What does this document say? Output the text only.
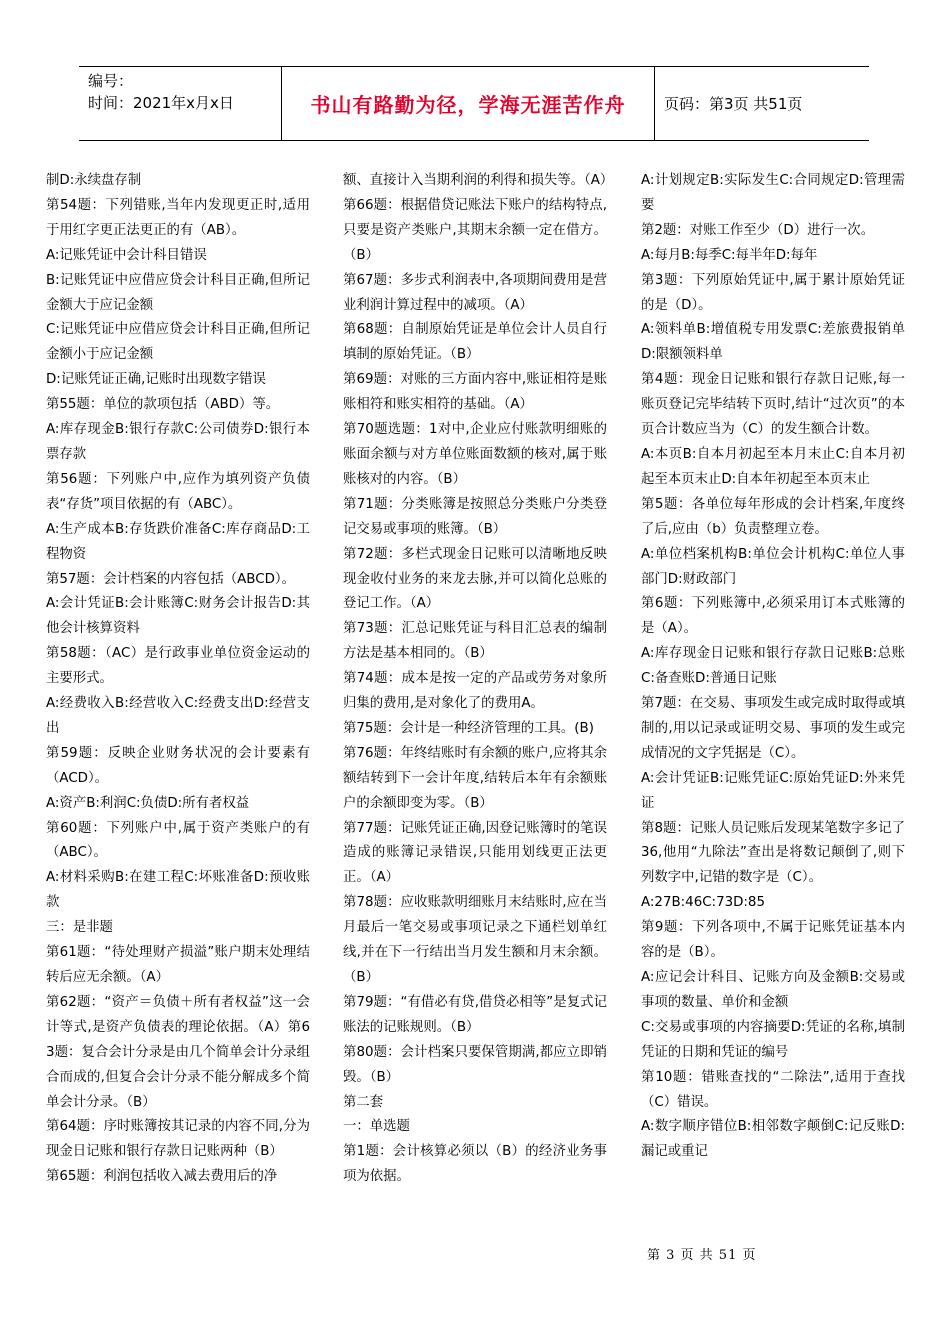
编号：
时间：2021年x月x日	书山有路勤为径，学海无涯苦作舟	页码：第3页 共51页

制D:永续盘存制

第54题：下列错账,当年内发现更正时,适用于用红字更正法更正的有（AB）。

A:记账凭证中会计科目错误

B:记账凭证中应借应贷会计科目正确,但所记金额大于应记金额

C:记账凭证中应借应贷会计科目正确,但所记金额小于应记金额

D:记账凭证正确,记账时出现数字错误

第55题：单位的款项包括（ABD）等。

A:库存现金B:银行存款C:公司债券D:银行本票存款

第56题：下列账户中,应作为填列资产负债表“存货”项目依据的有（ABC）。

A:生产成本B:存货跌价准备C:库存商品D:工程物资

第57题：会计档案的内容包括（ABCD）。

A:会计凭证B:会计账簿C:财务会计报告D:其他会计核算资料

第58题：（AC）是行政事业单位资金运动的主要形式。

A:经费收入B:经营收入C:经费支出D:经营支出

第59题：反映企业财务状况的会计要素有（ACD）。

A:资产B:利润C:负债D:所有者权益

第60题：下列账户中,属于资产类账户的有（ABC）。

A:材料采购B:在建工程C:坏账准备D:预收账款

三：是非题

第61题：“待处理财产损溢”账户期末处理结转后应无余额。（A）

第62题：“资产＝负债＋所有者权益”这一会计等式,是资产负债表的理论依据。（A）第63题：复合会计分录是由几个简单会计分录组合而成的,但复合会计分录不能分解成多个简单会计分录。（B）

第64题：序时账簿按其记录的内容不同,分为现金日记账和银行存款日记账两种（B）

第65题：利润包括收入减去费用后的净

额、直接计入当期利润的利得和损失等。（A）

第66题：根据借贷记账法下账户的结构特点,只要是资产类账户,其期末余额一定在借方。（B）

第67题：多步式利润表中,各项期间费用是营业利润计算过程中的减项。（A）

第68题：自制原始凭证是单位会计人员自行填制的原始凭证。（B）

第69题：对账的三方面内容中,账证相符是账账相符和账实相符的基础。（A）

第70题选题：1对中,企业应付账款明细账的账面余额与对方单位账面数额的核对,属于账账核对的内容。（B）

第71题：分类账簿是按照总分类账户分类登记交易或事项的账簿。（B）

第72题：多栏式现金日记账可以清晰地反映现金收付业务的来龙去脉,并可以简化总账的登记工作。（A）

第73题：汇总记账凭证与科目汇总表的编制方法是基本相同的。（B）

第74题：成本是按一定的产品或劳务对象所归集的费用,是对象化了的费用A。

第75题：会计是一种经济管理的工具。(B)

第76题：年终结账时有余额的账户,应将其余额结转到下一会计年度,结转后本年有余额账户的余额即变为零。（B）

第77题：记账凭证正确,因登记账簿时的笔误造成的账簿记录错误,只能用划线更正法更正。（A）

第78题：应收账款明细账月末结账时,应在当月最后一笔交易或事项记录之下通栏划单红线,并在下一行结出当月发生额和月末余额。（B）

第79题：“有借必有贷,借贷必相等”是复式记账法的记账规则。（B）

第80题：会计档案只要保管期满,都应立即销毁。（B）

第二套

一：单选题

第1题：会计核算必须以（B）的经济业务事项为依据。

A:计划规定B:实际发生C:合同规定D:管理需要

第2题：对账工作至少（D）进行一次。

A:每月B:每季C:每半年D:每年

第3题：下列原始凭证中,属于累计原始凭证的是（D）。

A:领料单B:增值税专用发票C:差旅费报销单D:限额领料单

第4题：现金日记账和银行存款日记账,每一账页登记完毕结转下页时,结计“过次页”的本页合计数应当为（C）的发生额合计数。

A:本页B:自本月初起至本月末止C:自本月初起至本页末止D:自本年初起至本页末止

第5题：各单位每年形成的会计档案,年度终了后,应由（b）负责整理立卷。

A:单位档案机构B:单位会计机构C:单位人事部门D:财政部门

第6题：下列账簿中,必须采用订本式账簿的是（A）。

A:库存现金日记账和银行存款日记账B:总账C:备查账D:普通日记账

第7题：在交易、事项发生或完成时取得或填制的,用以记录或证明交易、事项的发生或完成情况的文字凭据是（C）。

A:会计凭证B:记账凭证C:原始凭证D:外来凭证

第8题：记账人员记账后发现某笔数字多记了36,他用“九除法”查出是将数记颠倒了,则下列数字中,记错的数字是（C）。

A:27B:46C:73D:85

第9题：下列各项中,不属于记账凭证基本内容的是（B）。

A:应记会计科目、记账方向及金额B:交易或事项的数量、单价和金额

C:交易或事项的内容摘要D:凭证的名称,填制凭证的日期和凭证的编号

第10题：错账查找的“二除法”,适用于查找（C）错误。

A:数字顺序错位B:相邻数字颠倒C:记反账D:漏记或重记

第 3 页 共 51 页
